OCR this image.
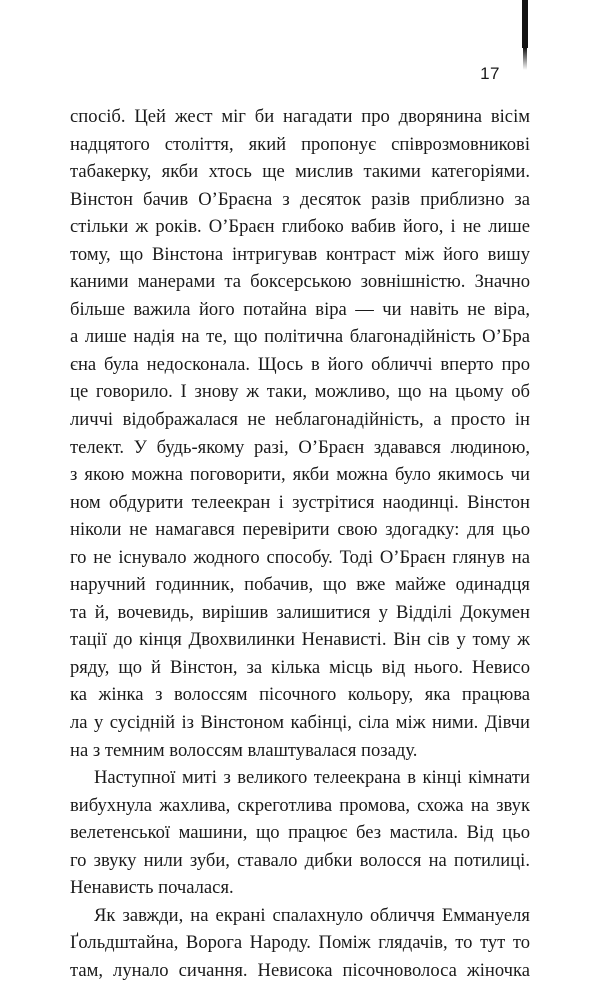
17
спосіб. Цей жест міг би нагадати про дворянина вісім
надцятого століття, який пропонує співрозмовникові
табакерку, якби хтось ще мислив такими категоріями.
Вінстон бачив О’Браєна з десяток разів приблизно за
стільки ж років. О’Браєн глибоко вабив його, і не лише
тому, що Вінстона інтригував контраст між його вишу
каними манерами та боксерською зовнішністю. Значно
більше важила його потайна віра — чи навіть не віра,
а лише надія на те, що політична благонадійність О’Бра
єна була недосконала. Щось в його обличчі вперто про
це говорило. І знову ж таки, можливо, що на цьому об
личчі відображалася не неблагонадійність, а просто ін
телект. У будь-якому разі, О’Браєн здавався людиною,
з якою можна поговорити, якби можна було якимось чи
ном обдурити телеекран і зустрітися наодинці. Вінстон
ніколи не намагався перевірити свою здогадку: для цьо
го не існувало жодного способу. Тоді О’Браєн глянув на
наручний годинник, побачив, що вже майже одинадця
та й, вочевидь, вирішив залишитися у Відділі Докумен
тації до кінця Двохвилинки Ненависті. Він сів у тому ж
ряду, що й Вінстон, за кілька місць від нього. Невисо
ка жінка з волоссям пісочного кольору, яка працюва
ла у сусідній із Вінстоном кабінці, сіла між ними. Дівчи
на з темним волоссям влаштувалася позаду.
Наступної миті з великого телеекрана в кінці кімнати
вибухнула жахлива, скреготлива промова, схожа на звук
велетенської машини, що працює без мастила. Від цьо
го звуку нили зуби, ставало дибки волосся на потилиці.
Ненависть почалася.
Як завжди, на екрані спалахнуло обличчя Еммануеля
Ґольдштайна, Ворога Народу. Поміж глядачів, то тут то
там, лунало сичання. Невисока пісочноволоса жіночка
